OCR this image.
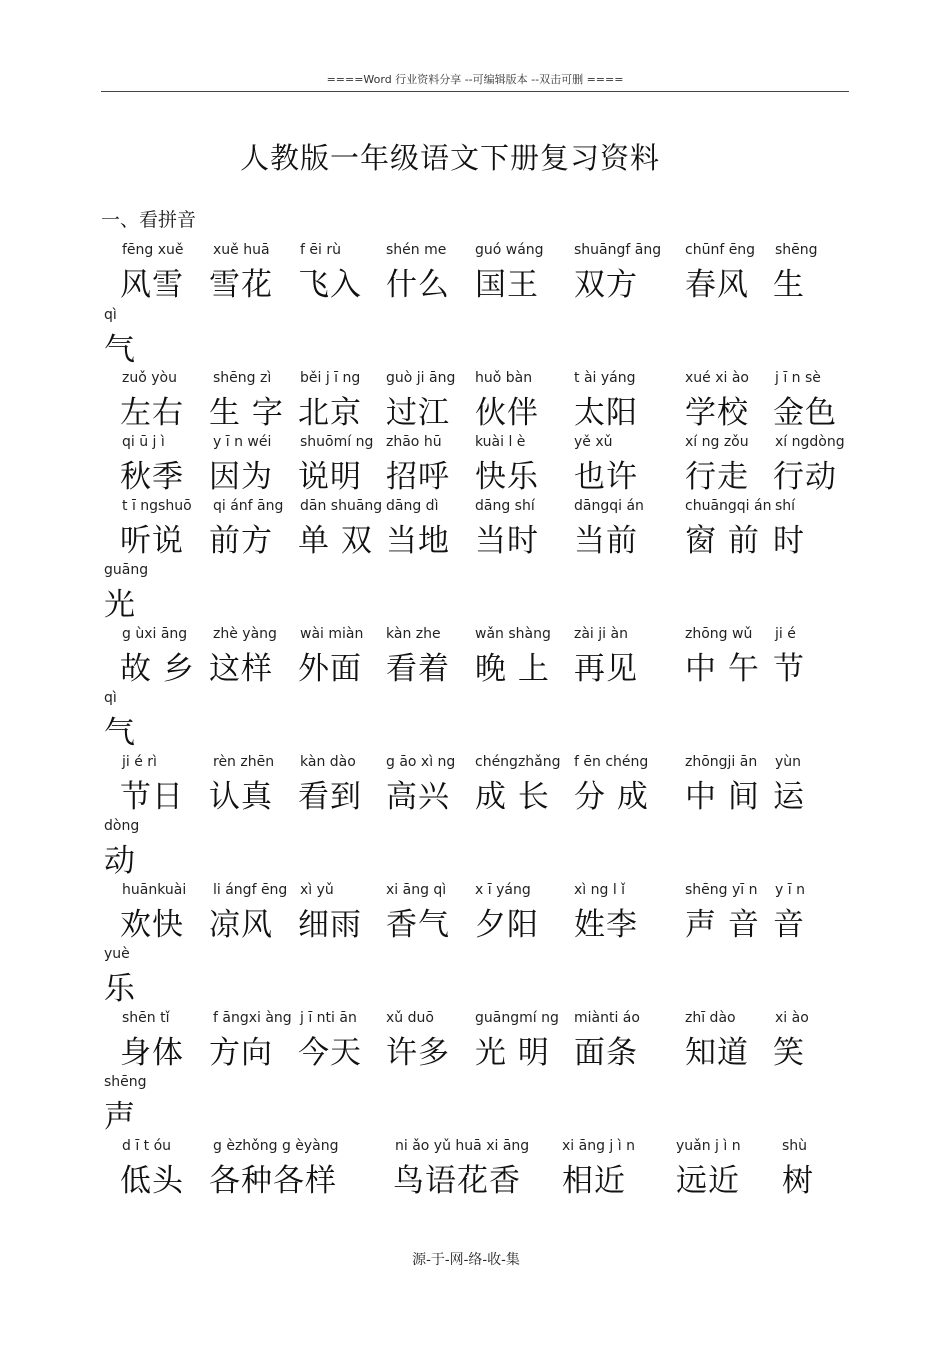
====Word 行业资料分享 --可编辑版本 --双击可删 ====
人教版一年级语文下册复习资料
一、看拼音
fēng xuě
风雪
xuě huā
雪花
f ēi rù
飞入
shén me
什么
guó wáng
国王
shuāngf āng
双方
chūnf ēng
春风
shēng
生
qì
气
zuǒ yòu
左右
shēng zì
生 字
běi j ī ng
北京
guò ji āng
过江
huǒ bàn
伙伴
t ài yáng
太阳
xué xi ào
学校
j ī n sè
金色
qi ū j ì
秋季
y ī n wéi
因为
shuōmí ng
说明
zhāo hū
招呼
kuài l è
快乐
yě xǔ
也许
xí ng zǒu
行走
xí ngdòng
行动
t ī ngshuō
听说
qi ánf āng
前方
dān shuāng
单 双
dāng dì
当地
dāng shí
当时
dāngqi án
当前
chuāngqi án
窗 前
shí
时
guāng
光
g ùxi āng
故 乡
zhè yàng
这样
wài miàn
外面
kàn zhe
看着
wǎn shàng
晚 上
zài ji àn
再见
zhōng wǔ
中 午
ji é
节
qì
气
ji é rì
节日
rèn zhēn
认真
kàn dào
看到
g āo xì ng
高兴
chéngzhǎng
成 长
f ēn chéng
分 成
zhōngji ān
中 间
yùn
运
dòng
动
huānkuài
欢快
li ángf ēng
凉风
xì yǔ
细雨
xi āng qì
香气
x ī yáng
夕阳
xì ng l ǐ
姓李
shēng yī n
声 音
y ī n
音
yuè
乐
shēn tǐ
身体
f āngxi àng
方向
j ī nti ān
今天
xǔ duō
许多
guāngmí ng
光 明
miànti áo
面条
zhī dào
知道
xi ào
笑
shēng
声
d ī t óu
低头
g èzhǒng g èyàng
各种各样
ni ǎo yǔ huā xi āng
鸟语花香
xi āng j ì n
相近
yuǎn j ì n
远近
shù
树
源-于-网-络-收-集
